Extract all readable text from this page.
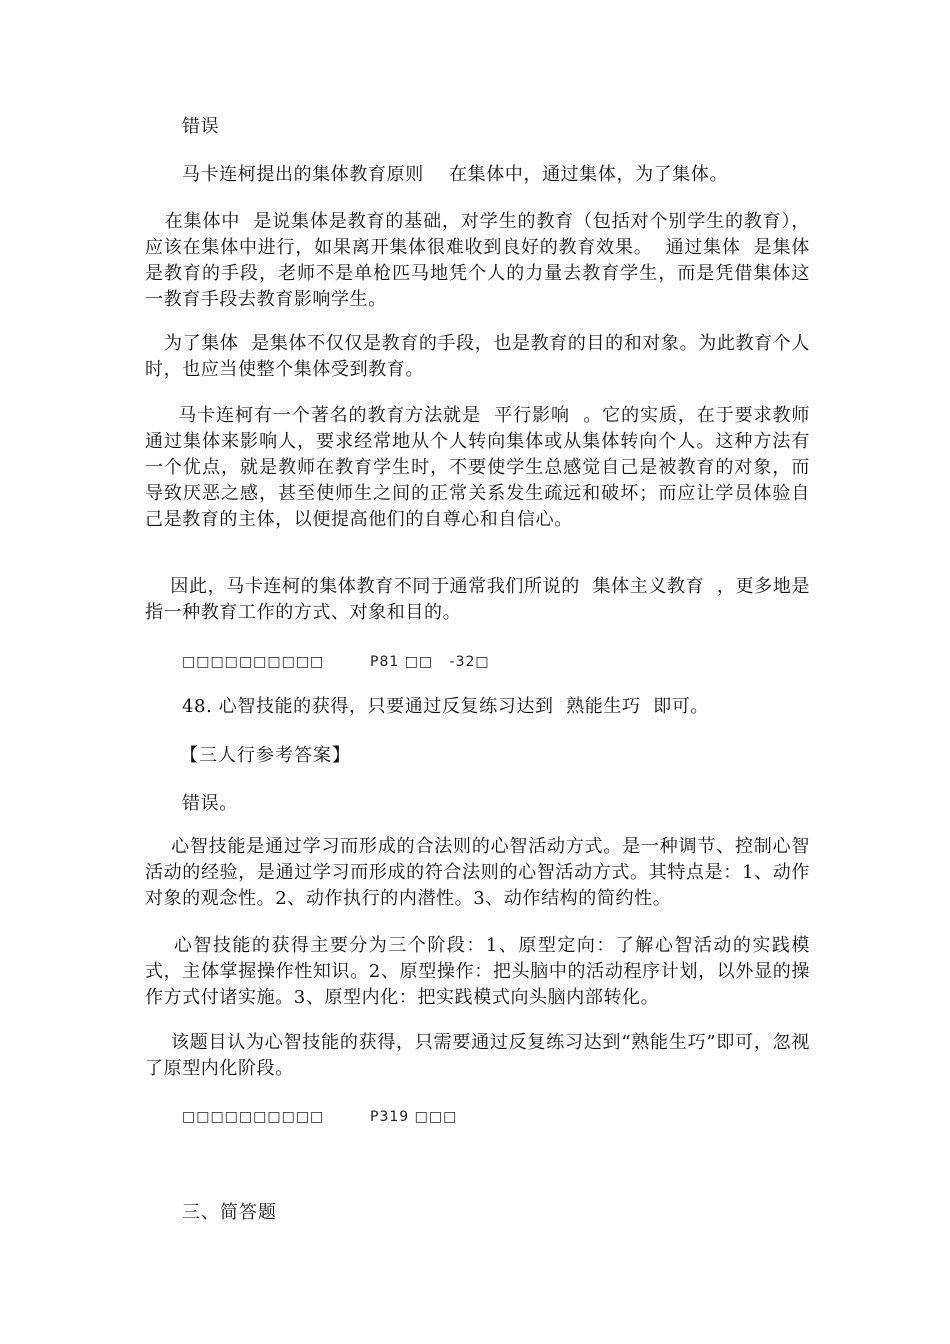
错误

马卡连柯提出的集体教育原则    在集体中，通过集体，为了集体。

在集体中  是说集体是教育的基础，对学生的教育（包括对个别学生的教育），应该在集体中进行，如果离开集体很难收到良好的教育效果。  通过集体  是集体是教育的手段，老师不是单枪匹马地凭个人的力量去教育学生，而是凭借集体这一教育手段去教育影响学生。

为了集体  是集体不仅仅是教育的手段，也是教育的目的和对象。为此教育个人时，也应当使整个集体受到教育。

马卡连柯有一个著名的教育方法就是  平行影响  。它的实质，在于要求教师通过集体来影响人，要求经常地从个人转向集体或从集体转向个人。这种方法有一个优点，就是教师在教育学生时，不要使学生总感觉自己是被教育的对象，而导致厌恶之感，甚至使师生之间的正常关系发生疏远和破坏；而应让学员体验自己是教育的主体，以便提高他们的自尊心和自信心。

因此，马卡连柯的集体教育不同于通常我们所说的  集体主义教育  ，更多地是指一种教育工作的方式、对象和目的。

□□□□□□□□□□	P81 □□   -32□

48. 心智技能的获得，只要通过反复练习达到  熟能生巧  即可。

【三人行参考答案】

错误。

心智技能是通过学习而形成的合法则的心智活动方式。是一种调节、控制心智活动的经验，是通过学习而形成的符合法则的心智活动方式。其特点是：1、动作对象的观念性。2、动作执行的内潜性。3、动作结构的简约性。

心智技能的获得主要分为三个阶段：1、原型定向：了解心智活动的实践模式，主体掌握操作性知识。2、原型操作：把头脑中的活动程序计划，以外显的操作方式付诸实施。3、原型内化：把实践模式向头脑内部转化。

该题目认为心智技能的获得，只需要通过反复练习达到“熟能生巧”即可，忽视了原型内化阶段。

□□□□□□□□□□	P319 □□□
三、简答题
